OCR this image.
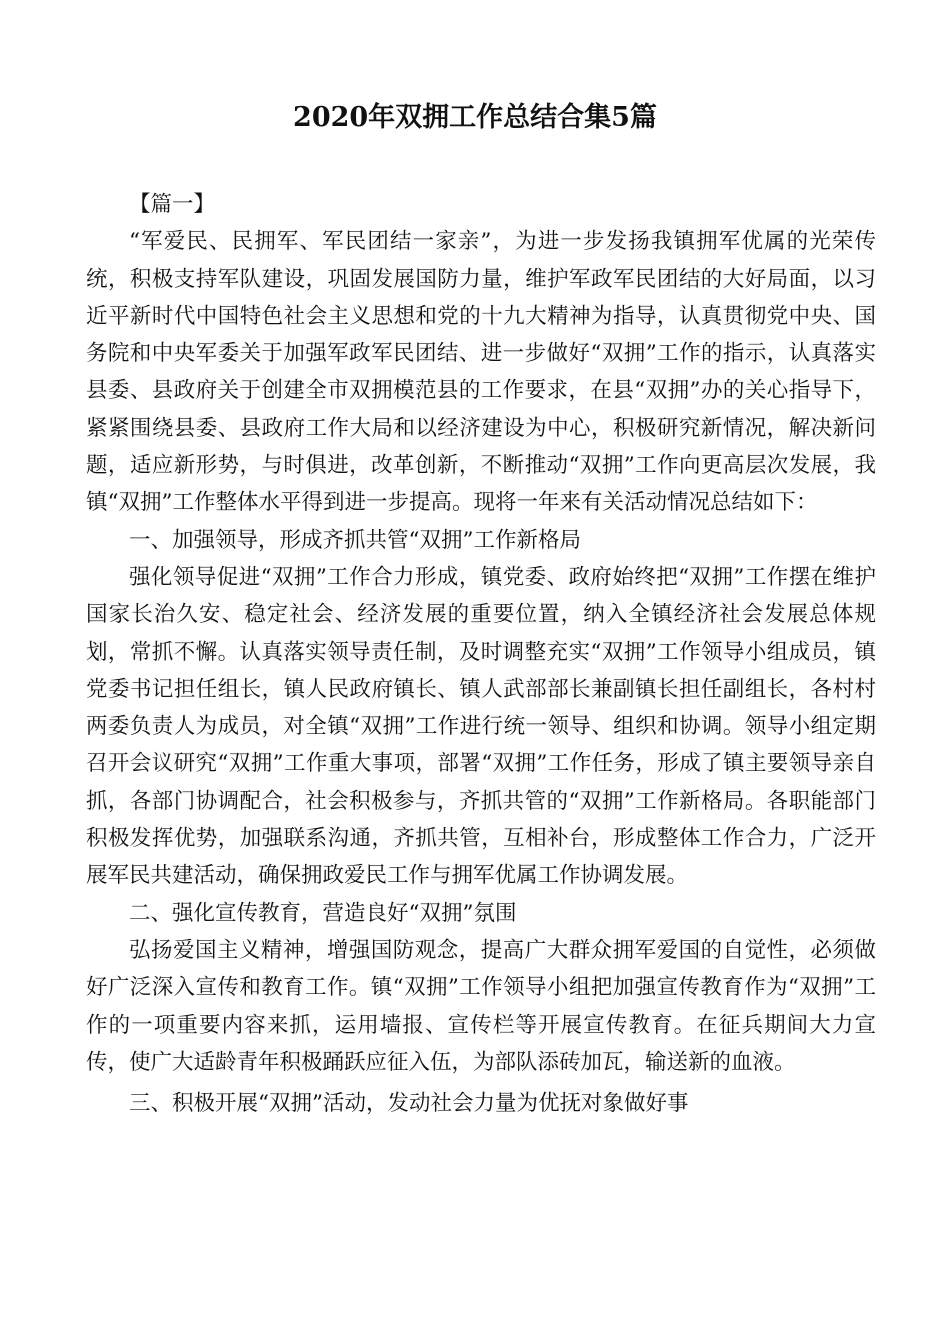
2020年双拥工作总结合集5篇

【篇一】

“军爱民、民拥军、军民团结一家亲”，为进一步发扬我镇拥军优属的光荣传统，积极支持军队建设，巩固发展国防力量，维护军政军民团结的大好局面，以习近平新时代中国特色社会主义思想和党的十九大精神为指导，认真贯彻党中央、国务院和中央军委关于加强军政军民团结、进一步做好“双拥”工作的指示，认真落实县委、县政府关于创建全市双拥模范县的工作要求，在县“双拥”办的关心指导下，紧紧围绕县委、县政府工作大局和以经济建设为中心，积极研究新情况，解决新问题，适应新形势，与时俱进，改革创新，不断推动“双拥”工作向更高层次发展，我镇“双拥”工作整体水平得到进一步提高。现将一年来有关活动情况总结如下：

一、加强领导，形成齐抓共管“双拥”工作新格局

强化领导促进“双拥”工作合力形成，镇党委、政府始终把“双拥”工作摆在维护国家长治久安、稳定社会、经济发展的重要位置，纳入全镇经济社会发展总体规划，常抓不懈。认真落实领导责任制，及时调整充实“双拥”工作领导小组成员，镇党委书记担任组长，镇人民政府镇长、镇人武部部长兼副镇长担任副组长，各村村两委负责人为成员，对全镇“双拥”工作进行统一领导、组织和协调。领导小组定期召开会议研究“双拥”工作重大事项，部署“双拥”工作任务，形成了镇主要领导亲自抓，各部门协调配合，社会积极参与，齐抓共管的“双拥”工作新格局。各职能部门积极发挥优势，加强联系沟通，齐抓共管，互相补台，形成整体工作合力，广泛开展军民共建活动，确保拥政爱民工作与拥军优属工作协调发展。

二、强化宣传教育，营造良好“双拥”氛围

弘扬爱国主义精神，增强国防观念，提高广大群众拥军爱国的自觉性，必须做好广泛深入宣传和教育工作。镇“双拥”工作领导小组把加强宣传教育作为“双拥”工作的一项重要内容来抓，运用墙报、宣传栏等开展宣传教育。在征兵期间大力宣传，使广大适龄青年积极踊跃应征入伍，为部队添砖加瓦，输送新的血液。

三、积极开展“双拥”活动，发动社会力量为优抚对象做好事
